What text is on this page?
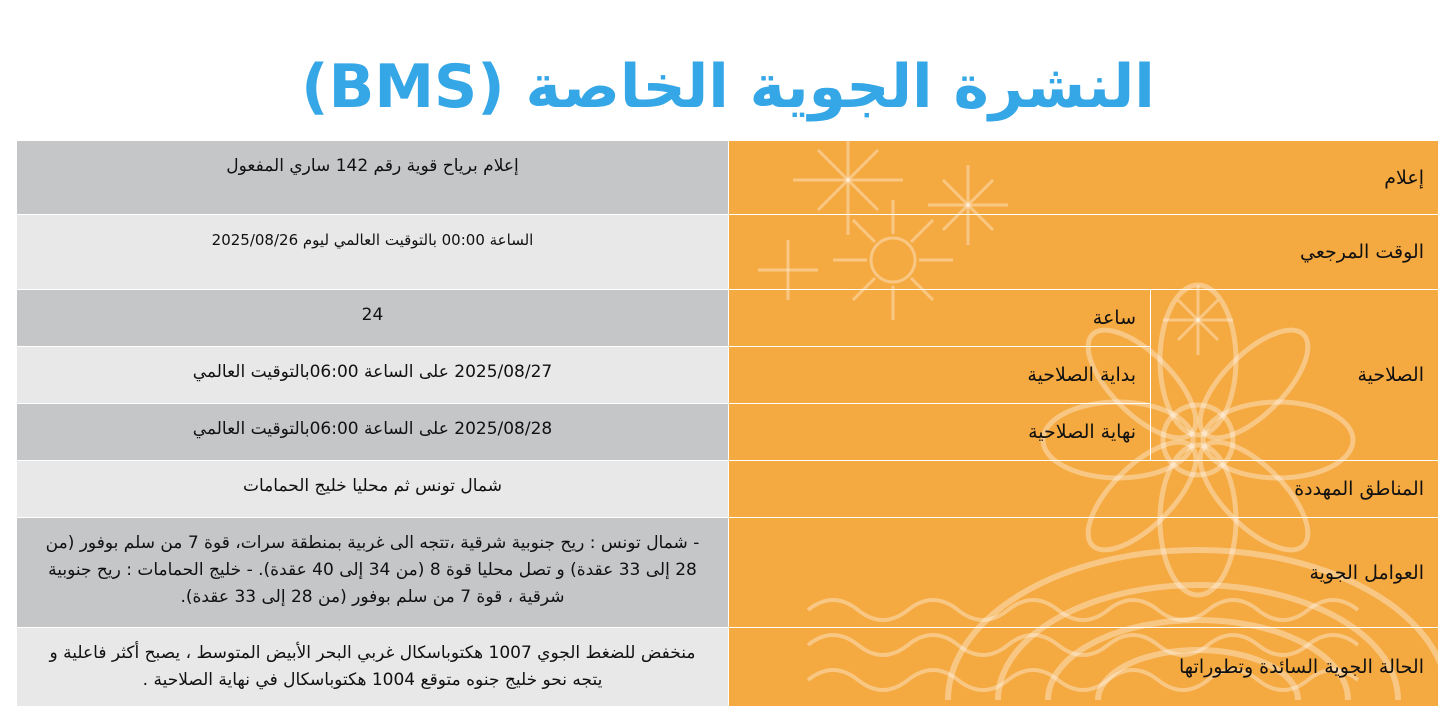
النشرة الجوية الخاصة (BMS)
إعلام		إعلام برياح قوية رقم 142 ساري المفعول
الوقت المرجعي		الساعة 00:00 بالتوقيت العالمي ليوم 2025/08/26
الصلاحية	ساعة	24
	بداية الصلاحية	2025/08/27 على الساعة 06:00بالتوقيت العالمي
	نهاية الصلاحية	2025/08/28 على الساعة 06:00بالتوقيت العالمي
المناطق المهددة		شمال تونس ثم محليا خليج الحمامات
العوامل الجوية		- شمال تونس : ريح جنوبية شرقية ،تتجه الى غربية بمنطقة سرات، قوة 7 من سلم بوفور (من 28 إلى 33 عقدة) و تصل محليا قوة 8 (من 34 إلى 40 عقدة). - خليج الحمامات : ريح جنوبية شرقية ، قوة 7 من سلم بوفور (من 28 إلى 33 عقدة).
الحالة الجوية السائدة وتطوراتها		منخفض للضغط الجوي 1007 هكتوباسكال غربي البحر الأبيض المتوسط ، يصبح أكثر فاعلية و يتجه نحو خليج جنوه متوقع 1004 هكتوباسكال في نهاية الصلاحية .
